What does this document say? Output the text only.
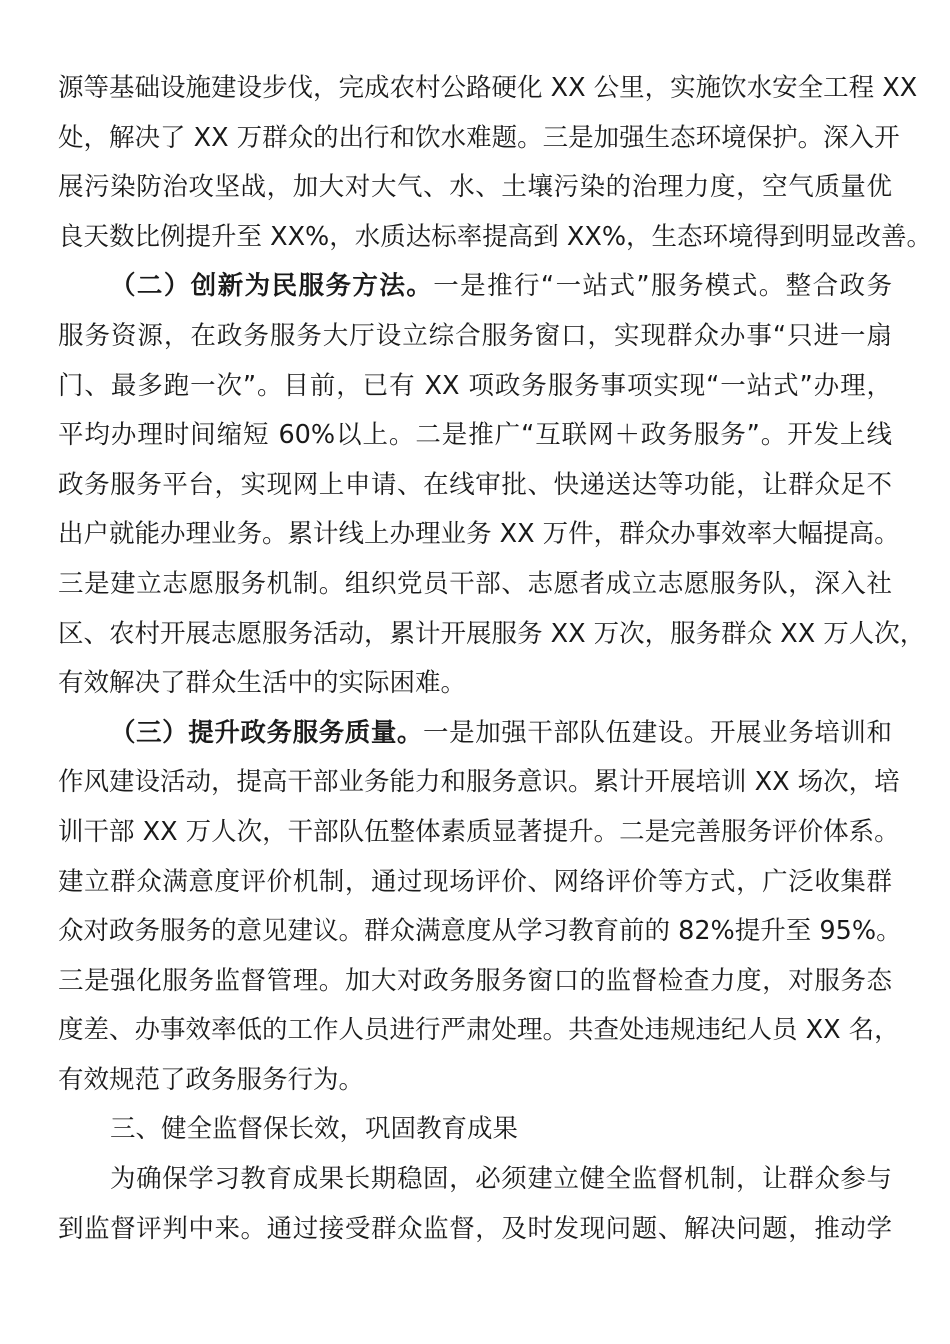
源等基础设施建设步伐，完成农村公路硬化 XX 公里，实施饮水安全工程 XX
处，解决了 XX 万群众的出行和饮水难题。三是加强生态环境保护。深入开
展污染防治攻坚战，加大对大气、水、土壤污染的治理力度，空气质量优
良天数比例提升至 XX%，水质达标率提高到 XX%，生态环境得到明显改善。
（二）创新为民服务方法。一是推行“一站式”服务模式。整合政务
服务资源，在政务服务大厅设立综合服务窗口，实现群众办事“只进一扇
门、最多跑一次”。目前，已有 XX 项政务服务事项实现“一站式”办理，
平均办理时间缩短 60%以上。二是推广“互联网＋政务服务”。开发上线
政务服务平台，实现网上申请、在线审批、快递送达等功能，让群众足不
出户就能办理业务。累计线上办理业务 XX 万件，群众办事效率大幅提高。
三是建立志愿服务机制。组织党员干部、志愿者成立志愿服务队，深入社
区、农村开展志愿服务活动，累计开展服务 XX 万次，服务群众 XX 万人次，
有效解决了群众生活中的实际困难。
（三）提升政务服务质量。一是加强干部队伍建设。开展业务培训和
作风建设活动，提高干部业务能力和服务意识。累计开展培训 XX 场次，培
训干部 XX 万人次，干部队伍整体素质显著提升。二是完善服务评价体系。
建立群众满意度评价机制，通过现场评价、网络评价等方式，广泛收集群
众对政务服务的意见建议。群众满意度从学习教育前的 82%提升至 95%。
三是强化服务监督管理。加大对政务服务窗口的监督检查力度，对服务态
度差、办事效率低的工作人员进行严肃处理。共查处违规违纪人员 XX 名，
有效规范了政务服务行为。
三、健全监督保长效，巩固教育成果
为确保学习教育成果长期稳固，必须建立健全监督机制，让群众参与
到监督评判中来。通过接受群众监督，及时发现问题、解决问题，推动学
